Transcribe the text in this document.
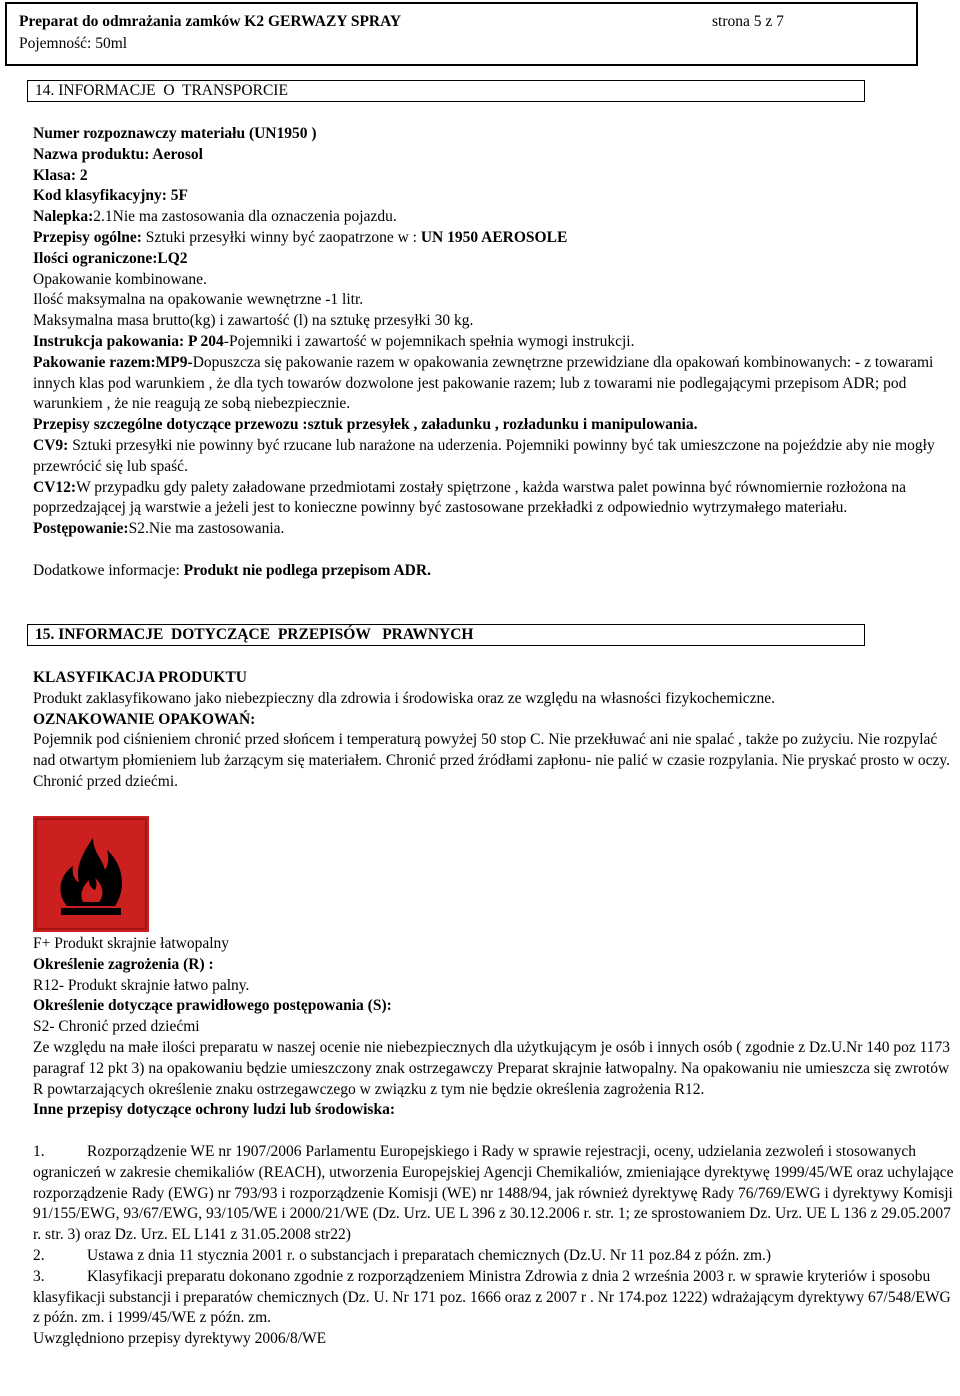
Preparat do odmrażania zamków K2 GERWAZY SPRAY	strona 5 z 7
Pojemność: 50ml
14. INFORMACJE  O  TRANSPORCIE

Numer rozpoznawczy materiału (UN1950 )

Nazwa produktu: Aerosol

Klasa: 2

Kod klasyfikacyjny: 5F

Nalepka:2.1Nie ma zastosowania dla oznaczenia pojazdu.

Przepisy ogólne: Sztuki przesyłki winny być zaopatrzone w : UN 1950 AEROSOLE

Ilości ograniczone:LQ2

Opakowanie kombinowane.

Ilość maksymalna na opakowanie wewnętrzne -1 litr.

Maksymalna masa brutto(kg) i zawartość (l) na sztukę przesyłki 30 kg.

Instrukcja pakowania: P 204-Pojemniki i zawartość w pojemnikach spełnia wymogi instrukcji.

Pakowanie razem:MP9-Dopuszcza się pakowanie razem w opakowania zewnętrzne przewidziane dla opakowań kombinowanych: - z towarami innych klas pod warunkiem , że dla tych towarów dozwolone jest pakowanie razem; lub z towarami nie podlegającymi przepisom ADR; pod warunkiem , że nie reagują ze sobą niebezpiecznie.

Przepisy szczególne dotyczące przewozu :sztuk przesyłek , załadunku , rozładunku i manipulowania.

CV9: Sztuki przesyłki nie powinny być rzucane lub narażone na uderzenia. Pojemniki powinny być tak umieszczone na pojeździe aby nie mogły przewrócić się lub spaść.

CV12:W przypadku gdy palety załadowane przedmiotami zostały spiętrzone , każda warstwa palet powinna być równomiernie rozłożona na poprzedzającej ją warstwie a jeżeli jest to konieczne powinny być zastosowane przekładki z odpowiednio wytrzymałego materiału.

Postępowanie:S2.Nie ma zastosowania.

Dodatkowe informacje: Produkt nie podlega przepisom ADR.

15. INFORMACJE  DOTYCZĄCE  PRZEPISÓW   PRAWNYCH

KLASYFIKACJA PRODUKTU

Produkt zaklasyfikowano jako niebezpieczny dla zdrowia i środowiska oraz ze względu na własności fizykochemiczne.

OZNAKOWANIE OPAKOWAŃ:

Pojemnik pod ciśnieniem chronić przed słońcem i temperaturą powyżej 50 stop C. Nie przekłuwać ani nie spalać , także po zużyciu. Nie rozpylać nad otwartym płomieniem lub żarzącym się materiałem. Chronić przed źródłami zapłonu- nie palić w czasie rozpylania. Nie pryskać prosto w oczy. Chronić przed dziećmi.

F+ Produkt skrajnie łatwopalny

Określenie zagrożenia (R) :

R12- Produkt skrajnie łatwo palny.

Określenie dotyczące prawidłowego postępowania (S):

S2- Chronić przed dziećmi

Ze względu na małe ilości preparatu w naszej ocenie nie niebezpiecznych dla użytkującym je osób i innych osób ( zgodnie z Dz.U.Nr 140 poz 1173 paragraf 12 pkt 3) na opakowaniu będzie umieszczony znak ostrzegawczy Preparat skrajnie łatwopalny. Na opakowaniu nie umieszcza się zwrotów R powtarzających określenie znaku ostrzegawczego w związku z tym nie będzie określenia zagrożenia R12.

Inne przepisy dotyczące ochrony ludzi lub środowiska:

1.	Rozporządzenie WE nr 1907/2006 Parlamentu Europejskiego i Rady w sprawie rejestracji, oceny, udzielania zezwoleń i stosowanych ograniczeń w zakresie chemikaliów (REACH), utworzenia Europejskiej Agencji Chemikaliów, zmieniające dyrektywę 1999/45/WE oraz uchylające rozporządzenie Rady (EWG) nr 793/93 i rozporządzenie Komisji (WE) nr 1488/94, jak również dyrektywę Rady 76/769/EWG i dyrektywy Komisji 91/155/EWG, 93/67/EWG, 93/105/WE i 2000/21/WE (Dz. Urz. UE L 396 z 30.12.2006 r. str. 1; ze sprostowaniem Dz. Urz. UE L 136 z 29.05.2007 r. str. 3) oraz Dz. Urz. EL L141 z 31.05.2008 str22)

2.	Ustawa z dnia 11 stycznia 2001 r. o substancjach i preparatach chemicznych (Dz.U. Nr 11 poz.84 z późn. zm.)

3.	Klasyfikacji preparatu dokonano zgodnie z rozporządzeniem Ministra Zdrowia z dnia 2 września 2003 r. w sprawie kryteriów i sposobu klasyfikacji substancji i preparatów chemicznych (Dz. U. Nr 171 poz. 1666 oraz z 2007 r . Nr 174.poz 1222) wdrażającym dyrektywy 67/548/EWG z późn. zm. i 1999/45/WE z późn. zm.

Uwzględniono przepisy dyrektywy 2006/8/WE
